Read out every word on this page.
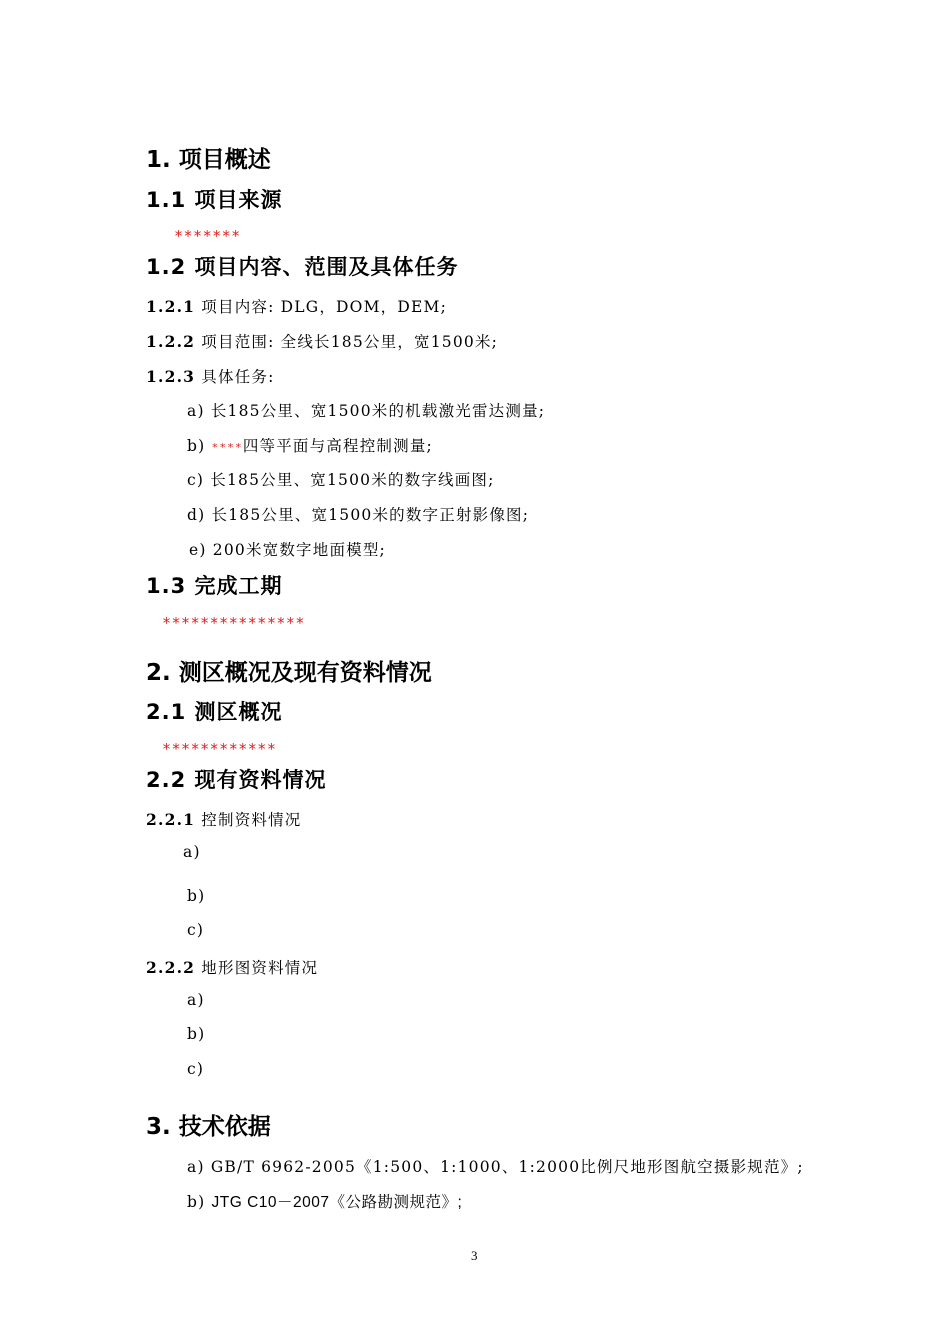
1. 项目概述
1.1 项目来源
*******
1.2 项目内容、范围及具体任务
1.2.1 项目内容: DLG，DOM，DEM;
1.2.2 项目范围: 全线长185公里，宽1500米;
1.2.3 具体任务:
a) 长185公里、宽1500米的机载激光雷达测量;
b) ****四等平面与高程控制测量;
c) 长185公里、宽1500米的数字线画图;
d) 长185公里、宽1500米的数字正射影像图;
e) 200米宽数字地面模型;
1.3 完成工期
***************
2. 测区概况及现有资料情况
2.1 测区概况
************
2.2 现有资料情况
2.2.1 控制资料情况
a)
b)
c)
2.2.2 地形图资料情况
a)
b)
c)
3. 技术依据
a) GB/T 6962-2005《1:500、1:1000、1:2000比例尺地形图航空摄影规范》;
b) JTG C10－2007《公路勘测规范》;
3
